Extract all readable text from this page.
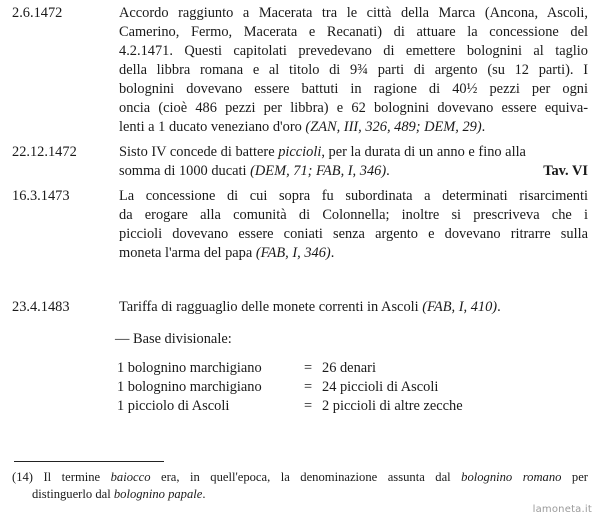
2.6.1472	Accordo raggiunto a Macerata tra le città della Marca (Ancona, Ascoli,
Camerino, Fermo, Macerata e Recanati) di attuare la concessione del
4.2.1471. Questi capitolati prevedevano di emettere bolognini al taglio
della libbra romana e al titolo di 9¾ parti di argento (su 12 parti). I
bolognini dovevano essere battuti in ragione di 40½ pezzi per ogni
oncia (cioè 486 pezzi per libbra) e 62 bolognini dovevano essere equiva-
lenti a 1 ducato veneziano d'oro (ZAN, III, 326, 489; DEM, 29).
22.12.1472	Sisto IV concede di battere piccioli, per la durata di un anno e fino alla
somma di 1000 ducati (DEM, 71; FAB, I, 346).	Tav. VI
16.3.1473	La concessione di cui sopra fu subordinata a determinati risarcimenti
da erogare alla comunità di Colonnella; inoltre si prescriveva che i
piccioli dovevano essere coniati senza argento e dovevano ritrarre sulla
moneta l'arma del papa (FAB, I, 346).
23.4.1483	Tariffa di ragguaglio delle monete correnti in Ascoli (FAB, I, 410).
— Base divisionale:
1 bolognino marchigiano	= 26 denari
1 bolognino marchigiano	= 24 piccioli di Ascoli
1 picciolo di Ascoli	= 2 piccioli di altre zecche
(14) Il termine baiocco era, in quell'epoca, la denominazione assunta dal bolognino romano per
distinguerlo dal bolognino papale.
lamoneta.it
